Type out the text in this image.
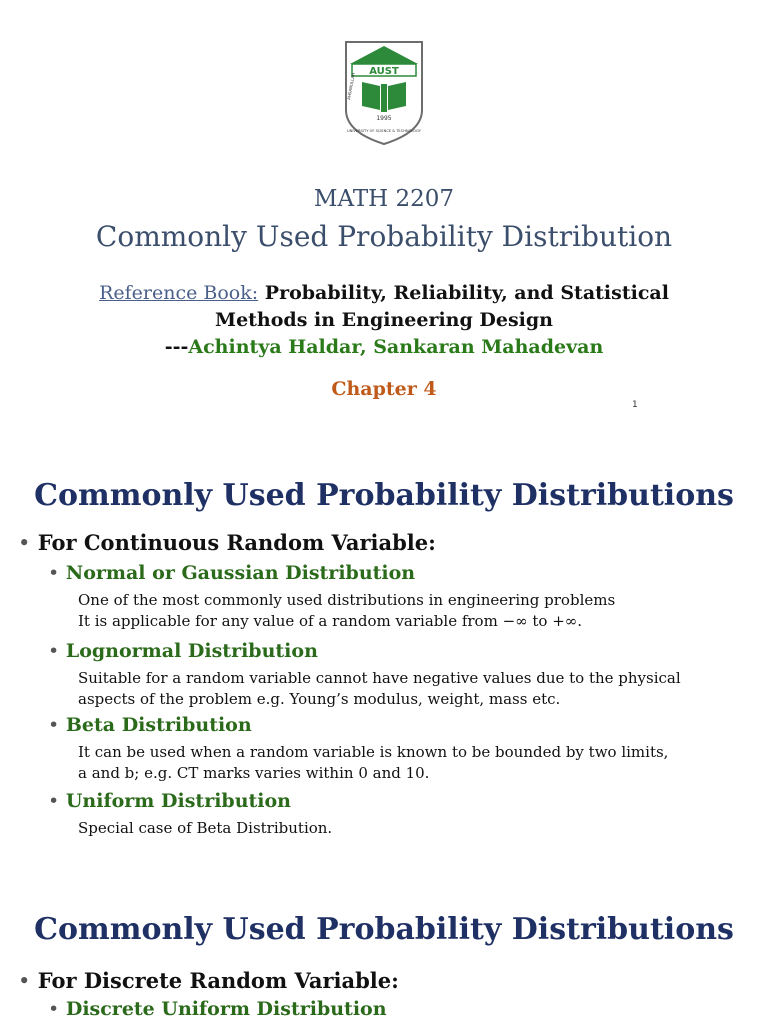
AUST
1995
AHSANULLAH
UNIVERSITY OF SCIENCE & TECHNOLOGY
MATH 2207
Commonly Used Probability Distribution
Reference Book: Probability, Reliability, and Statistical
Methods in Engineering Design
---Achintya Haldar, Sankaran Mahadevan
Chapter 4
1
Commonly Used Probability Distributions
• For Continuous Random Variable:
• Normal or Gaussian Distribution
One of the most commonly used distributions in engineering problems
It is applicable for any value of a random variable from −∞ to +∞.
• Lognormal Distribution
Suitable for a random variable cannot have negative values due to the physical
aspects of the problem e.g. Young’s modulus, weight, mass etc.
• Beta Distribution
It can be used when a random variable is known to be bounded by two limits,
a and b; e.g. CT marks varies within 0 and 10.
• Uniform Distribution
Special case of Beta Distribution.
Commonly Used Probability Distributions
• For Discrete Random Variable:
• Discrete Uniform Distribution
